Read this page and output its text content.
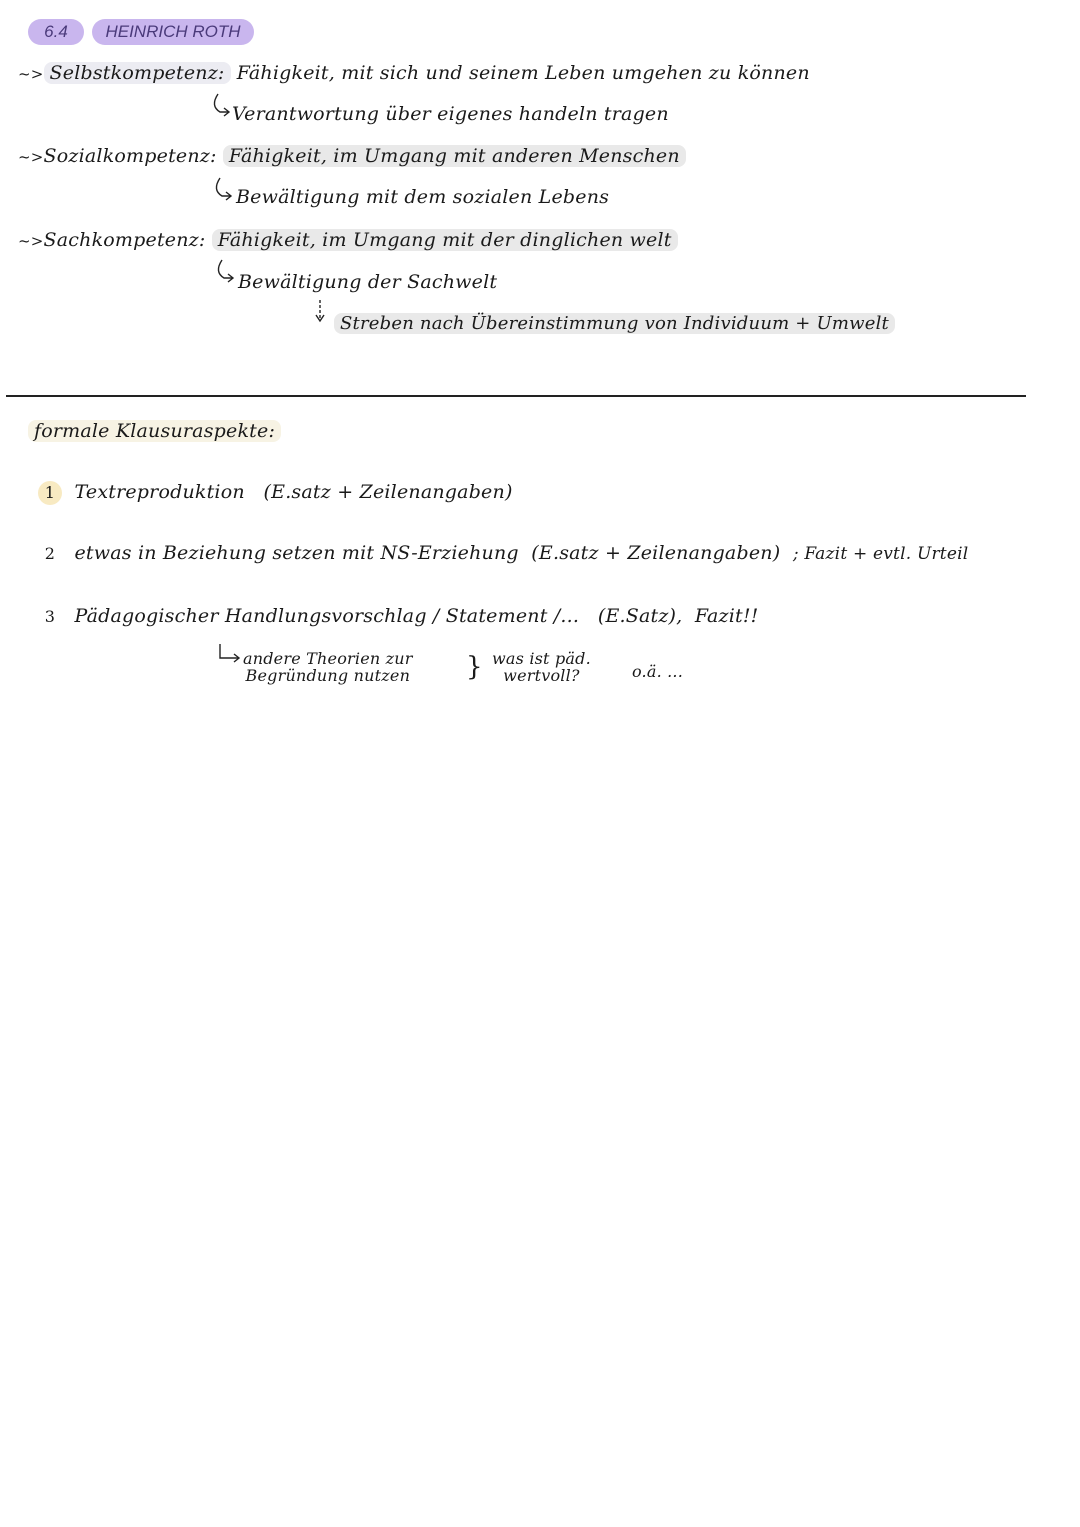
6.4	HEINRICH ROTH
~> Selbstkompetenz: Fähigkeit, mit sich und seinem Leben umgehen zu können
Verantwortung über eigenes handeln tragen
~>Sozialkompetenz: Fähigkeit, im Umgang mit anderen Menschen
Bewältigung mit dem sozialen Lebens
~>Sachkompetenz: Fähigkeit, im Umgang mit der dinglichen welt
Bewältigung der Sachwelt
Streben nach Übereinstimmung von Individuum + Umwelt
formale Klausuraspekte:
1 Textreproduktion (E.satz + Zeilenangaben)
2 etwas in Beziehung setzen mit NS-Erziehung (E.satz + Zeilenangaben) ; Fazit + evtl. Urteil
3 Pädagogischer Handlungsvorschlag / Statement /... (E.Satz), Fazit!!
andere Theorien zur
Begründung nutzen } was ist päd.
wertvoll?	o.ä. ...
